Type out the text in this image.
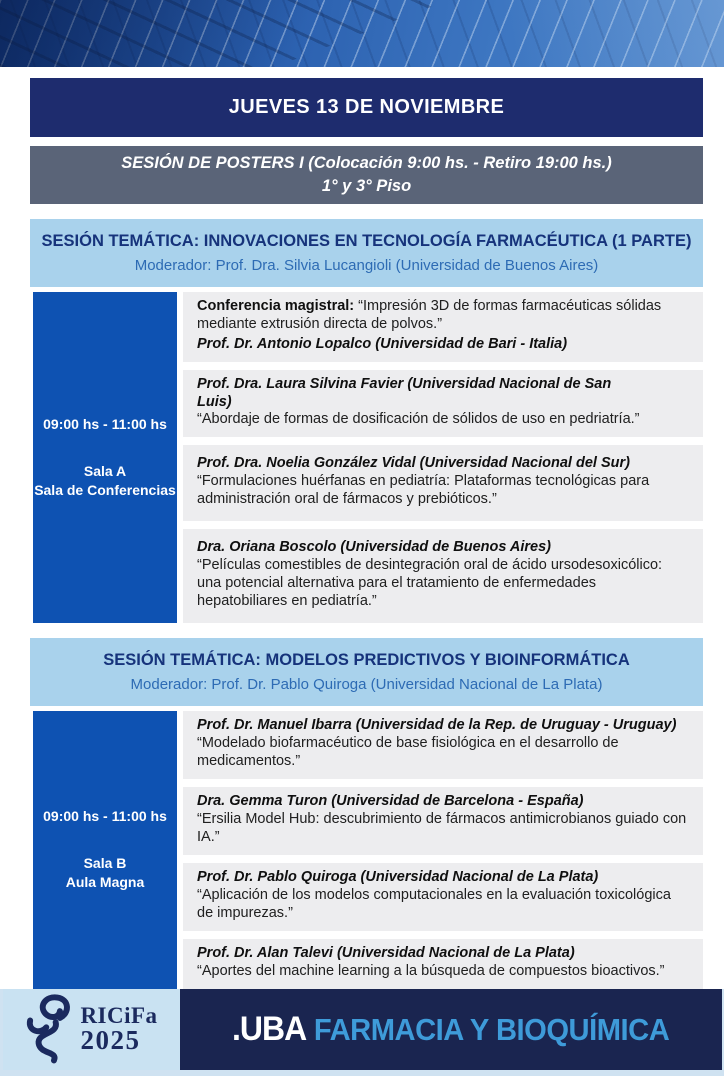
JUEVES 13 DE NOVIEMBRE
SESIÓN DE POSTERS I (Colocación 9:00 hs. - Retiro 19:00 hs.)
1° y 3° Piso

SESIÓN TEMÁTICA: INNOVACIONES EN TECNOLOGÍA FARMACÉUTICA (1 PARTE)

Moderador: Prof. Dra. Silvia Lucangioli (Universidad de Buenos Aires)

09:00 hs - 11:00 hs
Sala A
Sala de Conferencias

Conferencia magistral: “Impresión 3D de formas farmacéuticas sólidas mediante extrusión directa de polvos.”

Prof. Dr. Antonio Lopalco (Universidad de Bari - Italia)

Prof. Dra. Laura Silvina Favier (Universidad Nacional de San Luis)

“Abordaje de formas de dosificación de sólidos de uso en pedriatría.”

Prof. Dra. Noelia González Vidal (Universidad Nacional del Sur)

“Formulaciones huérfanas en pediatría: Plataformas tecnológicas para administración oral de fármacos y prebióticos.”

Dra. Oriana Boscolo (Universidad de Buenos Aires)

“Películas comestibles de desintegración oral de ácido ursodesoxicólico: una potencial alternativa para el tratamiento de enfermedades hepatobiliares en pediatría.”

SESIÓN TEMÁTICA: MODELOS PREDICTIVOS Y BIOINFORMÁTICA

Moderador: Prof. Dr. Pablo Quiroga (Universidad Nacional de La Plata)

09:00 hs - 11:00 hs
Sala B
Aula Magna

Prof. Dr. Manuel Ibarra (Universidad de la Rep. de Uruguay - Uruguay)

“Modelado biofarmacéutico de base fisiológica en el desarrollo de medicamentos.”

Dra. Gemma Turon (Universidad de Barcelona - España)

“Ersilia Model Hub: descubrimiento de fármacos antimicrobianos guiado con IA.”

Prof. Dr. Pablo Quiroga (Universidad Nacional de La Plata)

“Aplicación de los modelos computacionales en la evaluación toxicológica de impurezas.”

Prof. Dr. Alan Talevi (Universidad Nacional de La Plata)

“Aportes del machine learning a la búsqueda de compuestos bioactivos.”

RICiFa
2025	.UBA FARMACIA Y BIOQUÍMICA
